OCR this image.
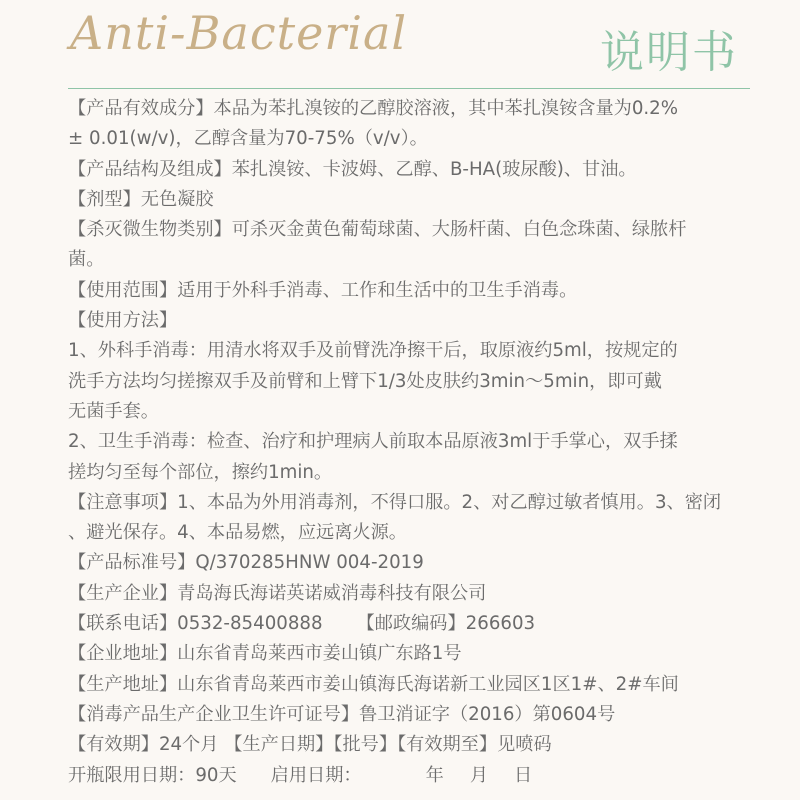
Anti-Bacterial	说明书
【产品有效成分】本品为苯扎溴铵的乙醇胶溶液，其中苯扎溴铵含量为0.2%
± 0.01(w/v)，乙醇含量为70-75%（v/v）。
【产品结构及组成】苯扎溴铵、卡波姆、乙醇、B-HA(玻尿酸)、甘油。
【剂型】无色凝胶
【杀灭微生物类别】可杀灭金黄色葡萄球菌、大肠杆菌、白色念珠菌、绿脓杆
菌。
【使用范围】适用于外科手消毒、工作和生活中的卫生手消毒。
【使用方法】
1、外科手消毒：用清水将双手及前臂洗净擦干后，取原液约5ml，按规定的
洗手方法均匀搓擦双手及前臂和上臂下1/3处皮肤约3min～5min，即可戴
无菌手套。
2、卫生手消毒：检查、治疗和护理病人前取本品原液3ml于手掌心，双手揉
搓均匀至每个部位，擦约1min。
【注意事项】1、本品为外用消毒剂，不得口服。2、对乙醇过敏者慎用。3、密闭
、避光保存。4、本品易燃，应远离火源。
【产品标准号】Q/370285HNW 004-2019
【生产企业】青岛海氏海诺英诺威消毒科技有限公司
【联系电话】0532-85400888 【邮政编码】266603
【企业地址】山东省青岛莱西市姜山镇广东路1号
【生产地址】山东省青岛莱西市姜山镇海氏海诺新工业园区1区1#、2#车间
【消毒产品生产企业卫生许可证号】鲁卫消证字（2016）第0604号
【有效期】24个月 【生产日期】【批号】【有效期至】见喷码
开瓶限用日期：90天 启用日期：	年 月 日
